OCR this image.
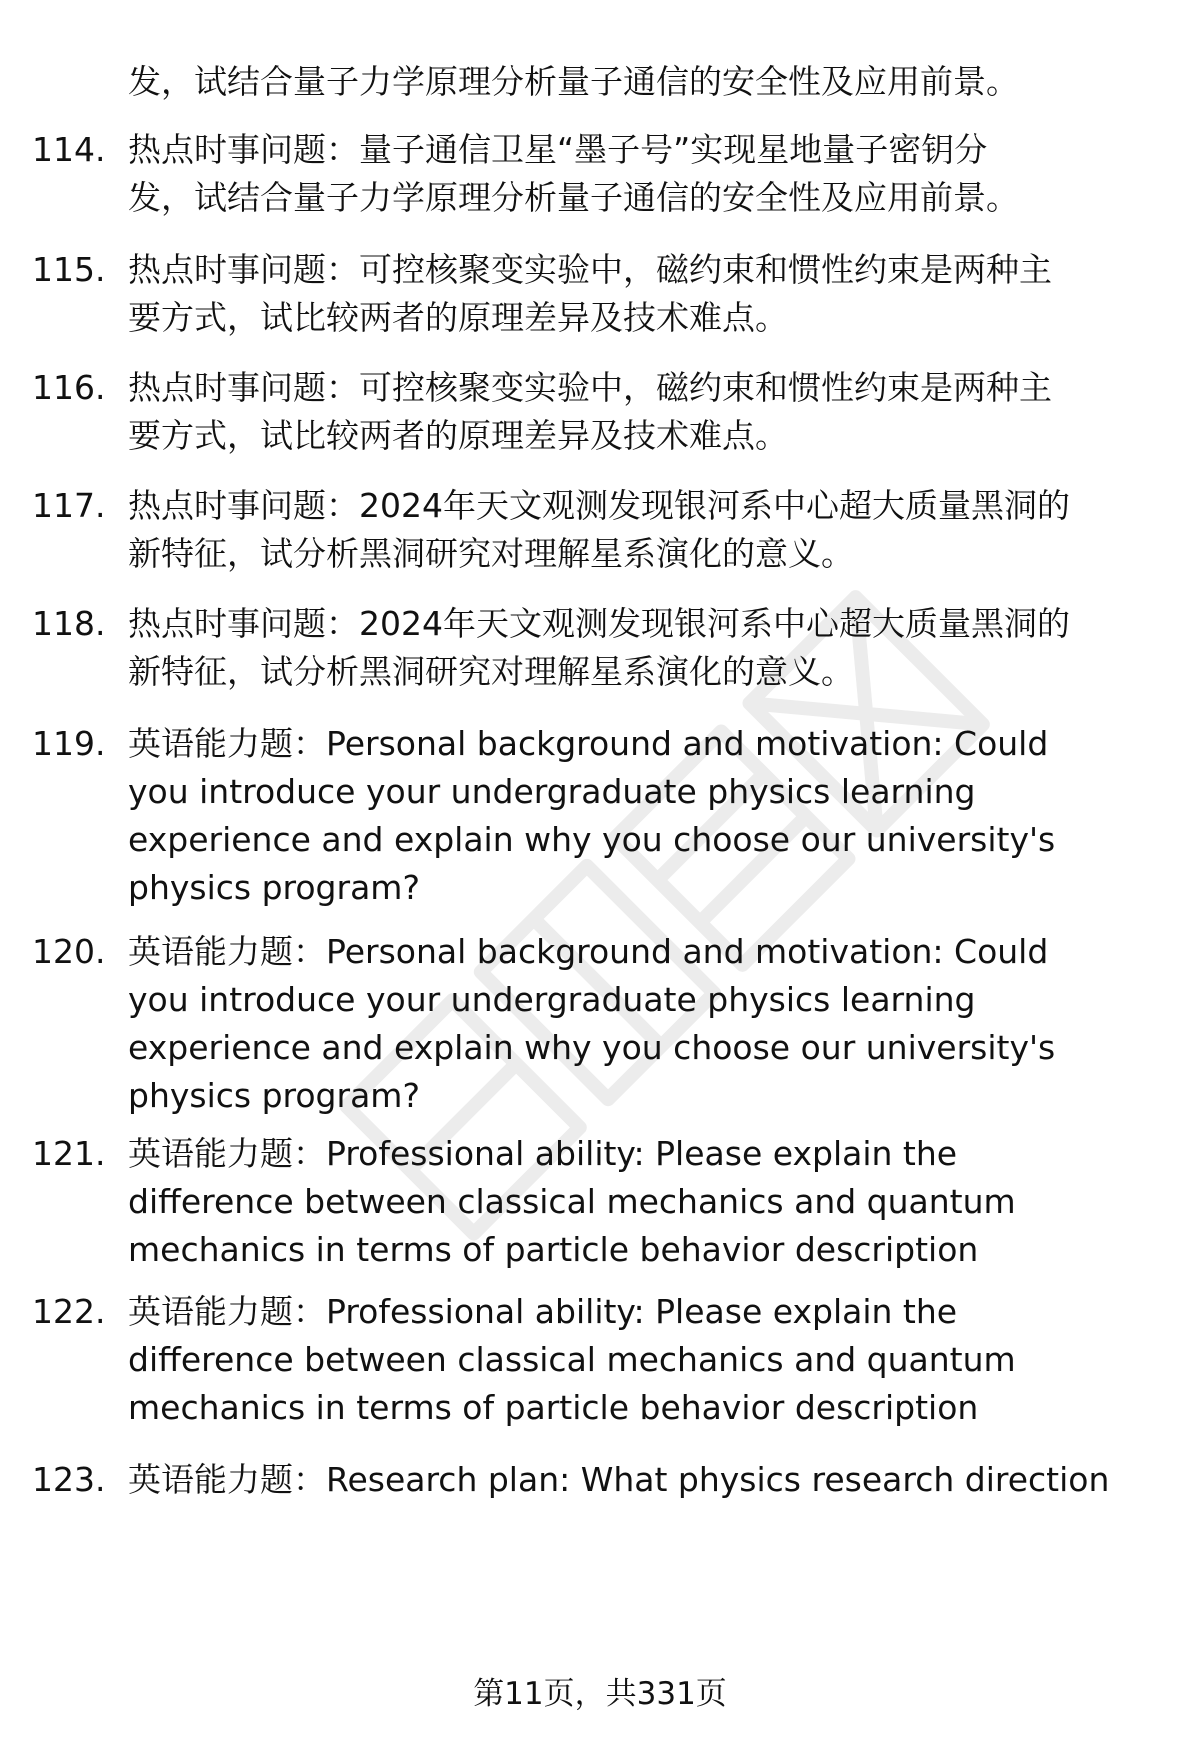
发，试结合量子力学原理分析量子通信的安全性及应用前景。
114. 热点时事问题：量子通信卫星“墨子号”实现星地量子密钥分
发，试结合量子力学原理分析量子通信的安全性及应用前景。
115. 热点时事问题：可控核聚变实验中，磁约束和惯性约束是两种主
要方式，试比较两者的原理差异及技术难点。
116. 热点时事问题：可控核聚变实验中，磁约束和惯性约束是两种主
要方式，试比较两者的原理差异及技术难点。
117. 热点时事问题：2024年天文观测发现银河系中心超大质量黑洞的
新特征，试分析黑洞研究对理解星系演化的意义。
118. 热点时事问题：2024年天文观测发现银河系中心超大质量黑洞的
新特征，试分析黑洞研究对理解星系演化的意义。
119. 英语能力题：Personal background and motivation: Could
you introduce your undergraduate physics learning
experience and explain why you choose our university's
physics program?
120. 英语能力题：Personal background and motivation: Could
you introduce your undergraduate physics learning
experience and explain why you choose our university's
physics program?
121. 英语能力题：Professional ability: Please explain the
difference between classical mechanics and quantum
mechanics in terms of particle behavior description
122. 英语能力题：Professional ability: Please explain the
difference between classical mechanics and quantum
mechanics in terms of particle behavior description
123. 英语能力题：Research plan: What physics research direction
第11页，共331页
